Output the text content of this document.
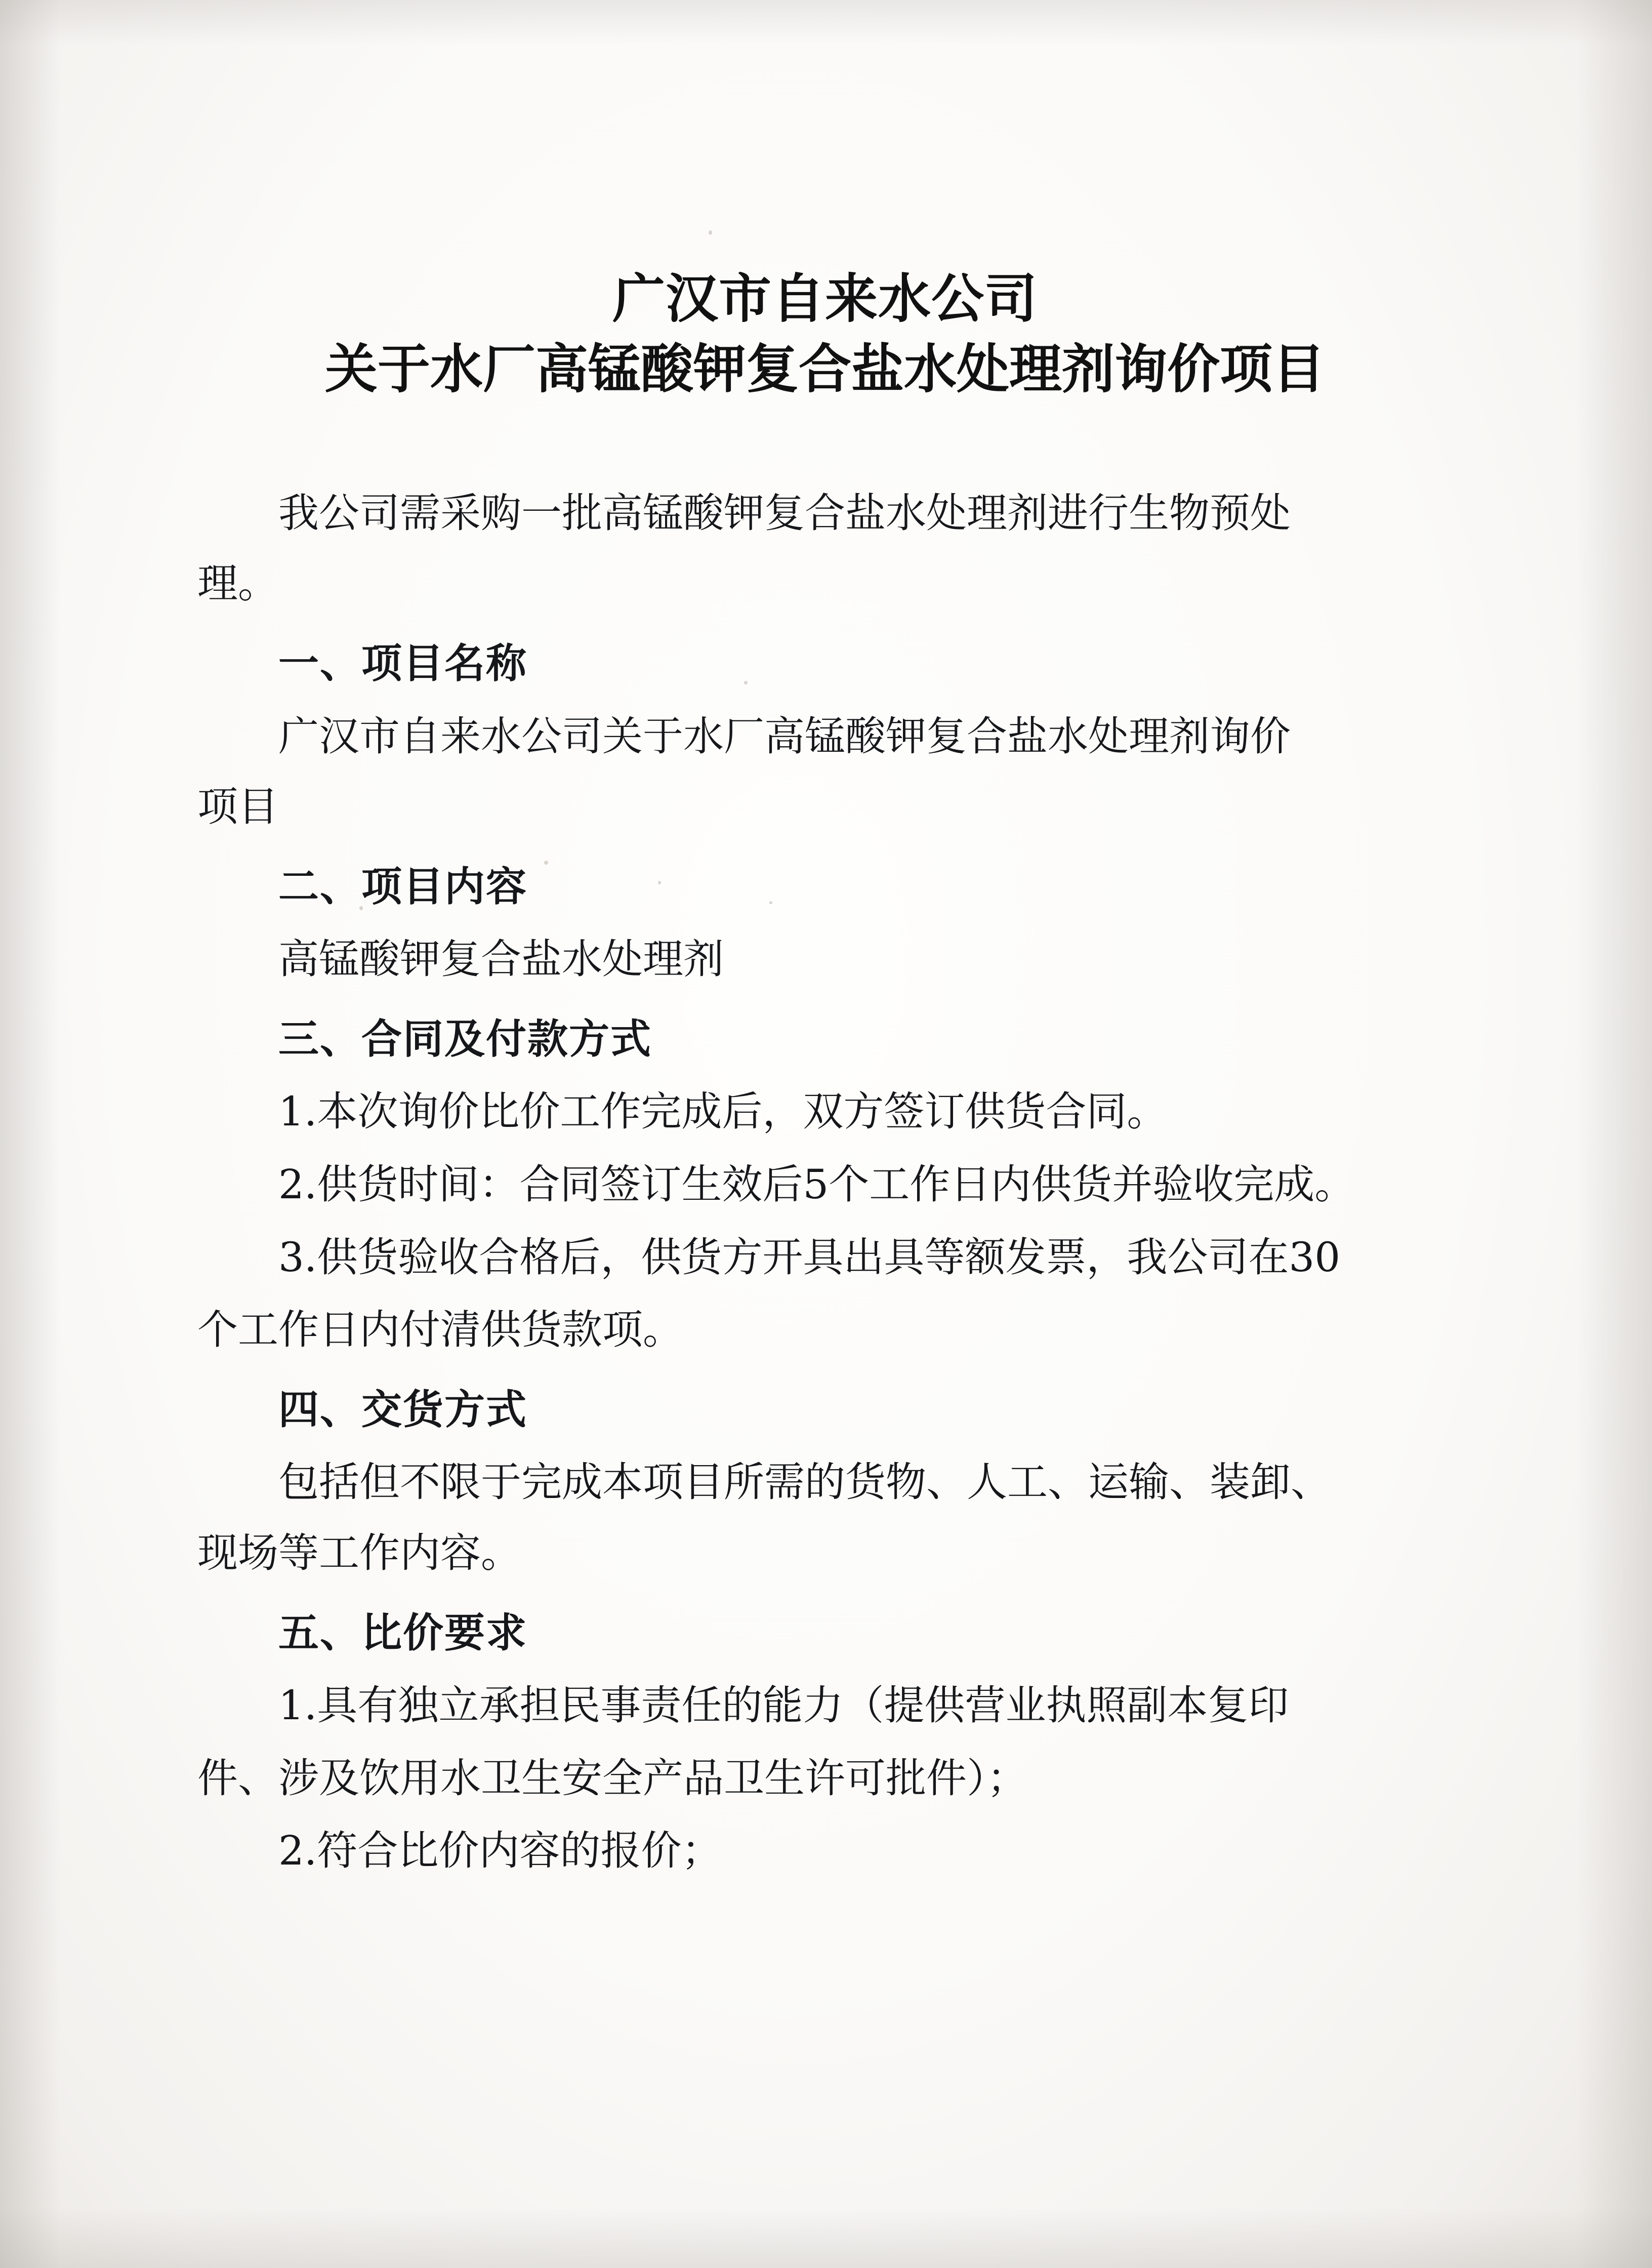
广汉市自来水公司
关于水厂高锰酸钾复合盐水处理剂询价项目

我公司需采购一批高锰酸钾复合盐水处理剂进行生物预处

理。

一、项目名称

广汉市自来水公司关于水厂高锰酸钾复合盐水处理剂询价

项目

二、项目内容

高锰酸钾复合盐水处理剂

三、合同及付款方式

1.本次询价比价工作完成后，双方签订供货合同。

2.供货时间：合同签订生效后5个工作日内供货并验收完成。

3.供货验收合格后，供货方开具出具等额发票，我公司在30

个工作日内付清供货款项。

四、交货方式

包括但不限于完成本项目所需的货物、人工、运输、装卸、

现场等工作内容。

五、比价要求

1.具有独立承担民事责任的能力（提供营业执照副本复印

件、涉及饮用水卫生安全产品卫生许可批件）；

2.符合比价内容的报价；
